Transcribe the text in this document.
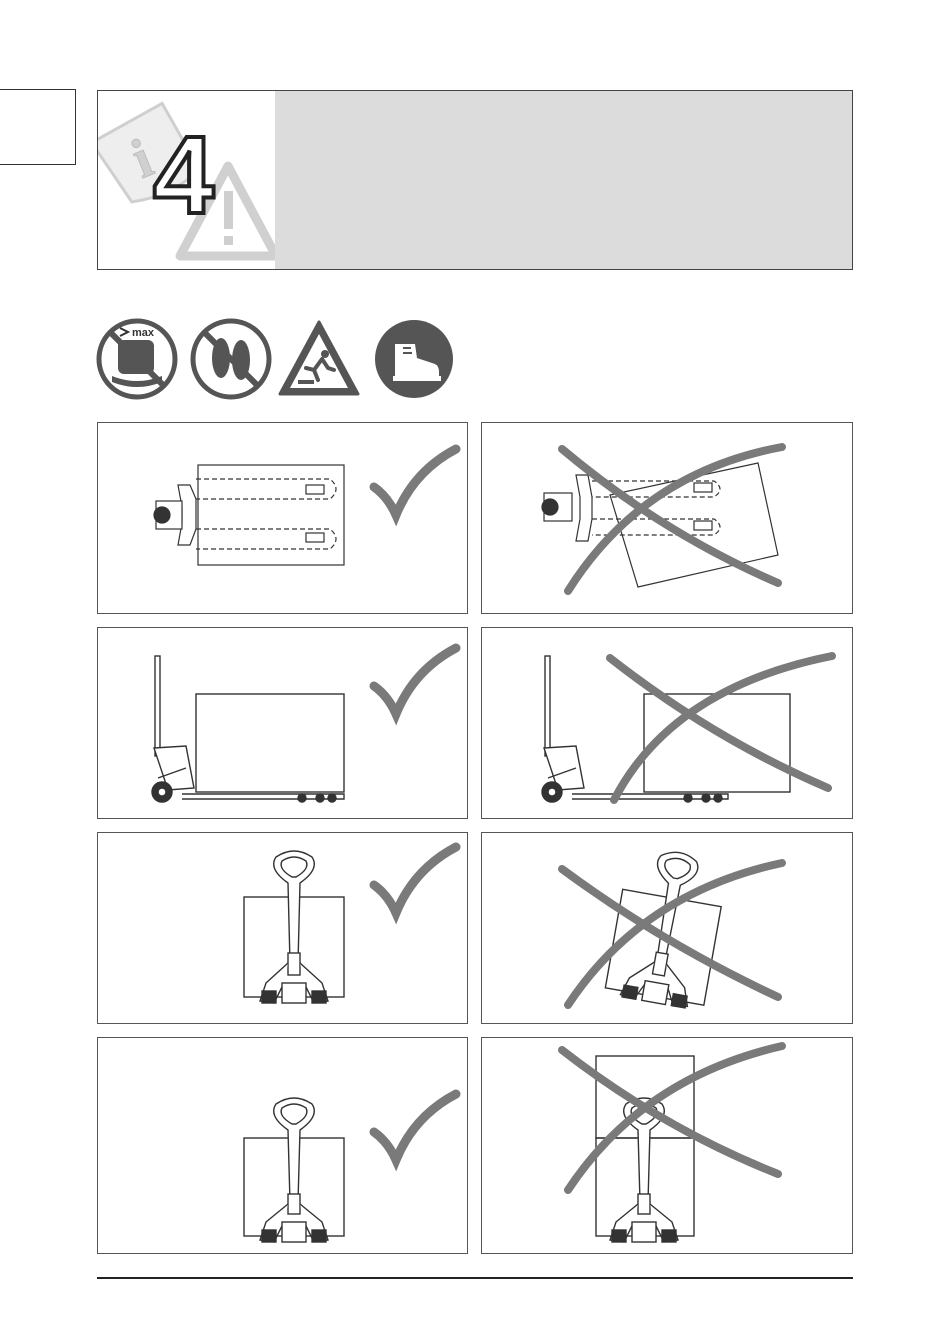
i
4
max
